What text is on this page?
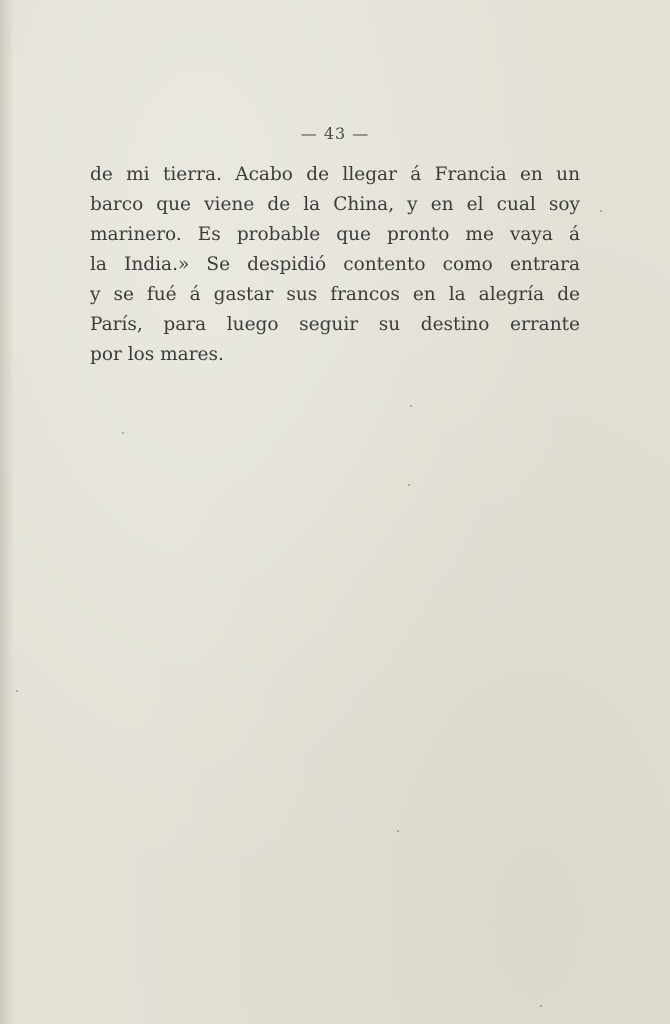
— 43 —
de mi tierra. Acabo de llegar á Francia en un
barco que viene de la China, y en el cual soy
marinero. Es probable que pronto me vaya á
la India.» Se despidió contento como entrara
y se fué á gastar sus francos en la alegría de
París, para luego seguir su destino errante
por los mares.
